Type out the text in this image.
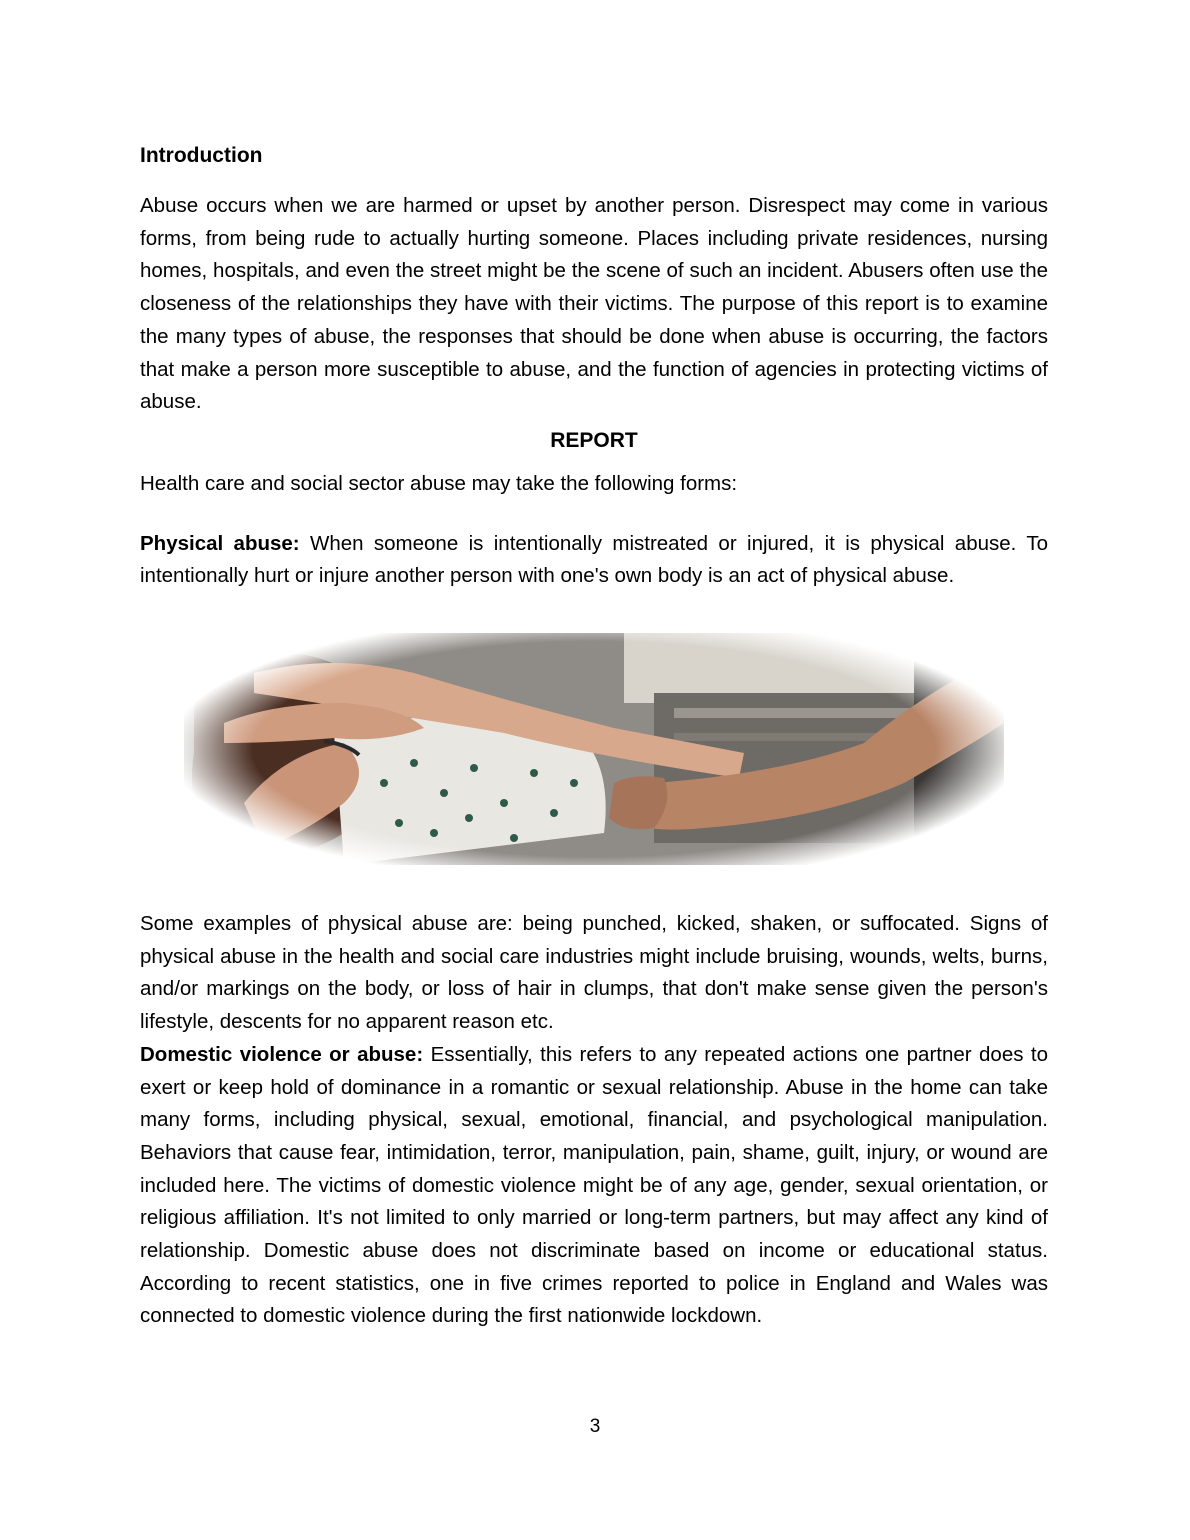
Introduction

Abuse occurs when we are harmed or upset by another person. Disrespect may come in various forms, from being rude to actually hurting someone. Places including private residences, nursing homes, hospitals, and even the street might be the scene of such an incident. Abusers often use the closeness of the relationships they have with their victims. The purpose of this report is to examine the many types of abuse, the responses that should be done when abuse is occurring, the factors that make a person more susceptible to abuse, and the function of agencies in protecting victims of abuse.

REPORT

Health care and social sector abuse may take the following forms:

Physical abuse: When someone is intentionally mistreated or injured, it is physical abuse. To intentionally hurt or injure another person with one's own body is an act of physical abuse.

Some examples of physical abuse are: being punched, kicked, shaken, or suffocated. Signs of physical abuse in the health and social care industries might include bruising, wounds, welts, burns, and/or markings on the body, or loss of hair in clumps, that don't make sense given the person's lifestyle, descents for no apparent reason etc.

Domestic violence or abuse: Essentially, this refers to any repeated actions one partner does to exert or keep hold of dominance in a romantic or sexual relationship. Abuse in the home can take many forms, including physical, sexual, emotional, financial, and psychological manipulation. Behaviors that cause fear, intimidation, terror, manipulation, pain, shame, guilt, injury, or wound are included here. The victims of domestic violence might be of any age, gender, sexual orientation, or religious affiliation. It's not limited to only married or long-term partners, but may affect any kind of relationship. Domestic abuse does not discriminate based on income or educational status. According to recent statistics, one in five crimes reported to police in England and Wales was connected to domestic violence during the first nationwide lockdown.

3
